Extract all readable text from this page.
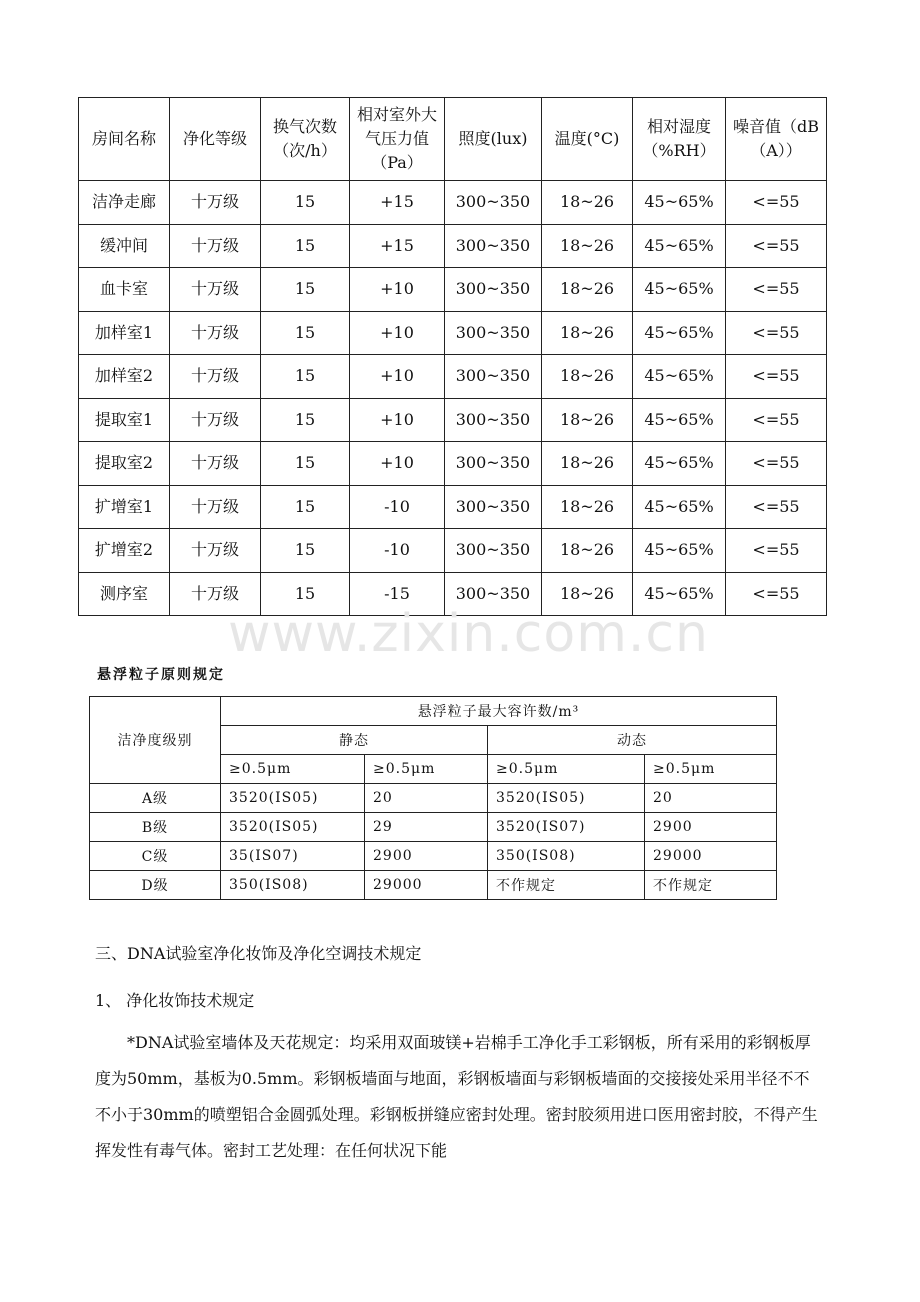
房间名称	净化等级	换气次数（次/h）	相对室外大气压力值（Pa）	照度(lux)	温度(°C)	相对湿度（%RH）	噪音值（dB（A））
洁净走廊	十万级	15	+15	300~350	18~26	45~65%	<=55
缓冲间	十万级	15	+15	300~350	18~26	45~65%	<=55
血卡室	十万级	15	+10	300~350	18~26	45~65%	<=55
加样室1	十万级	15	+10	300~350	18~26	45~65%	<=55
加样室2	十万级	15	+10	300~350	18~26	45~65%	<=55
提取室1	十万级	15	+10	300~350	18~26	45~65%	<=55
提取室2	十万级	15	+10	300~350	18~26	45~65%	<=55
扩增室1	十万级	15	-10	300~350	18~26	45~65%	<=55
扩增室2	十万级	15	-10	300~350	18~26	45~65%	<=55
测序室	十万级	15	-15	300~350	18~26	45~65%	<=55
www.zixin.com.cn
悬浮粒子原则规定
洁净度级别	悬浮粒子最大容许数/m³			
	静态		动态	
	≥0.5μm	≥0.5μm	≥0.5μm	≥0.5μm
A级	3520(IS05)	20	3520(IS05)	20
B级	3520(IS05)	29	3520(IS07)	2900
C级	35(IS07)	2900	350(IS08)	29000
D级	350(IS08)	29000	不作规定	不作规定
三、DNA试验室净化妆饰及净化空调技术规定
1、 净化妆饰技术规定

*DNA试验室墙体及天花规定：均采用双面玻镁+岩棉手工净化手工彩钢板，所有采用的彩钢板厚度为50mm，基板为0.5mm。彩钢板墙面与地面，彩钢板墙面与彩钢板墙面的交接接处采用半径不不不小于30mm的喷塑铝合金圆弧处理。彩钢板拼缝应密封处理。密封胶须用进口医用密封胶，不得产生挥发性有毒气体。密封工艺处理：在任何状况下能
